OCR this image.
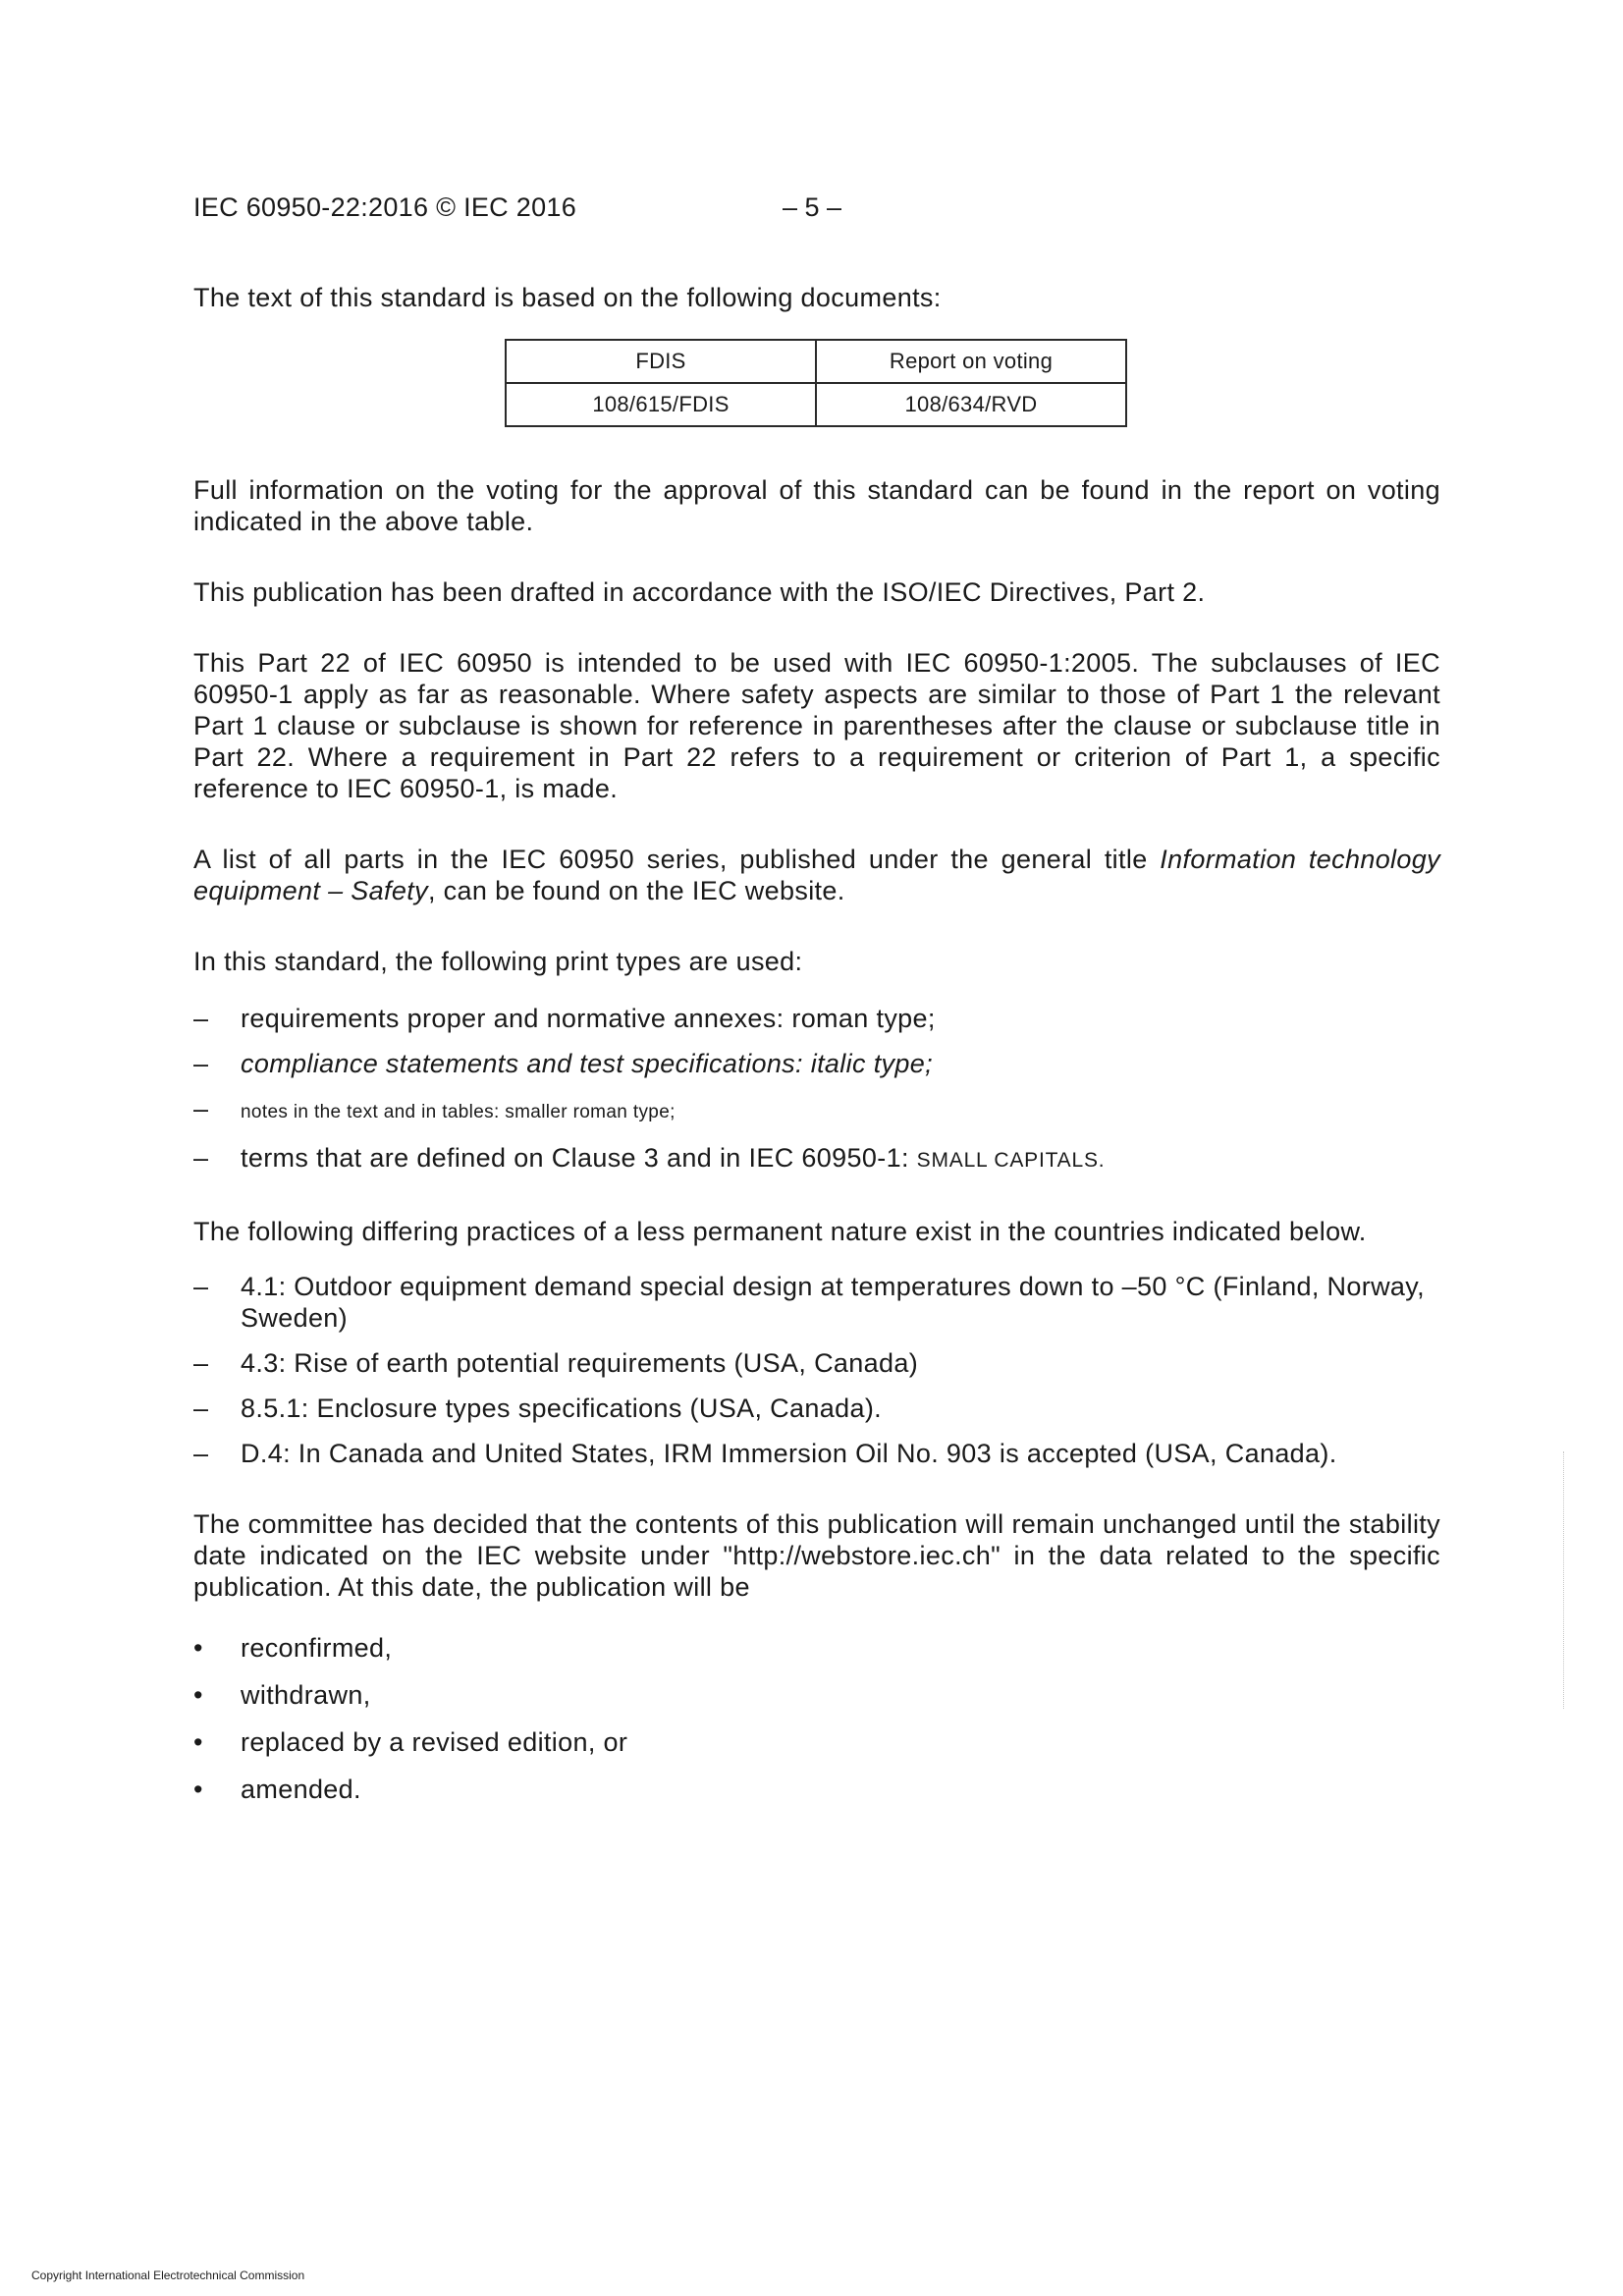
IEC 60950-22:2016 © IEC 2016	– 5 –

The text of this standard is based on the following documents:

FDIS	Report on voting
108/615/FDIS	108/634/RVD

Full information on the voting for the approval of this standard can be found in the report on voting indicated in the above table.

This publication has been drafted in accordance with the ISO/IEC Directives, Part 2.

This Part 22 of IEC 60950 is intended to be used with IEC 60950-1:2005. The subclauses of IEC 60950-1 apply as far as reasonable. Where safety aspects are similar to those of Part 1 the relevant Part 1 clause or subclause is shown for reference in parentheses after the clause or subclause title in Part 22. Where a requirement in Part 22 refers to a requirement or criterion of Part 1, a specific reference to IEC 60950-1, is made.

A list of all parts in the IEC 60950 series, published under the general title Information technology equipment – Safety, can be found on the IEC website.

In this standard, the following print types are used:

– requirements proper and normative annexes: roman type;
– compliance statements and test specifications: italic type;
– notes in the text and in tables: smaller roman type;
– terms that are defined on Clause 3 and in IEC 60950-1: SMALL CAPITALS.

The following differing practices of a less permanent nature exist in the countries indicated below.

– 4.1: Outdoor equipment demand special design at temperatures down to –50 °C (Finland, Norway, Sweden)
– 4.3: Rise of earth potential requirements (USA, Canada)
– 8.5.1: Enclosure types specifications (USA, Canada).
– D.4: In Canada and United States, IRM Immersion Oil No. 903 is accepted (USA, Canada).

The committee has decided that the contents of this publication will remain unchanged until the stability date indicated on the IEC website under "http://webstore.iec.ch" in the data related to the specific publication. At this date, the publication will be

• reconfirmed,
• withdrawn,
• replaced by a revised edition, or
• amended.
Copyright International Electrotechnical Commission
